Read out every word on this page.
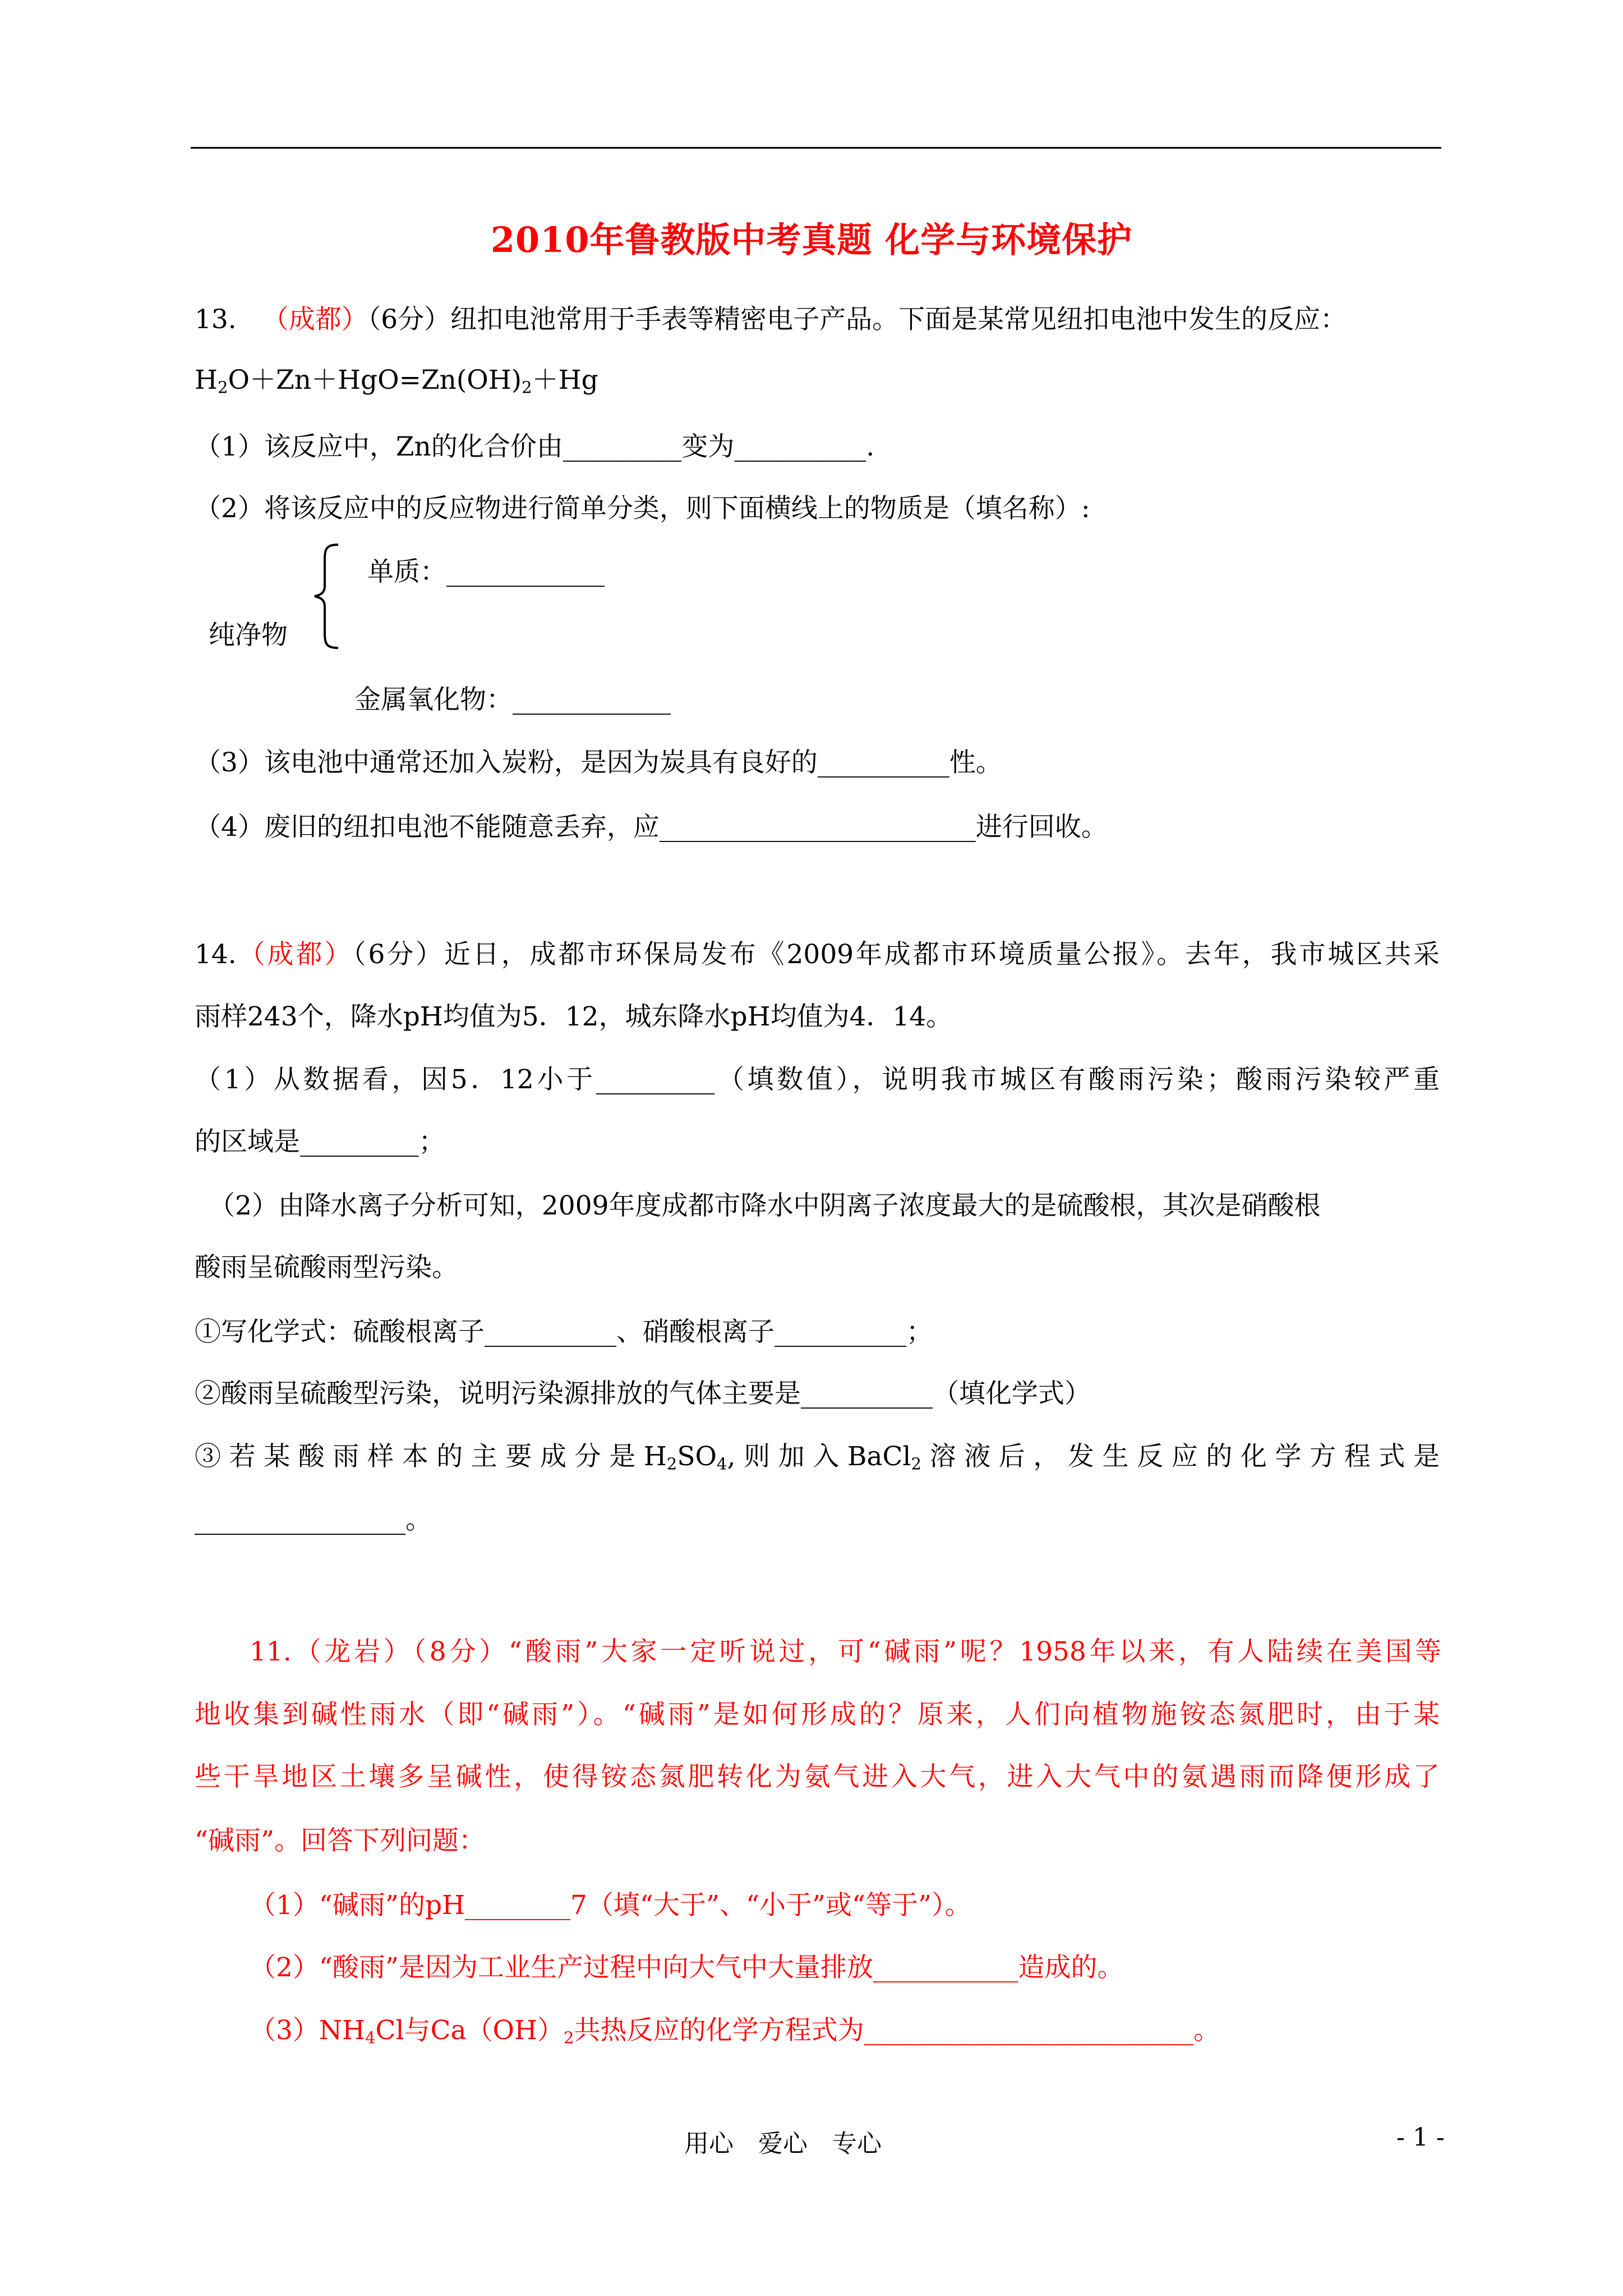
2010年鲁教版中考真题 化学与环境保护
13. （成都）（6分）纽扣电池常用于手表等精密电子产品。下面是某常见纽扣电池中发生的反应：
$H_2O+Zn+HgO=Zn(OH)_2+Hg$
（1）该反应中，Zn的化合价由_________变为__________.
（2）将该反应中的反应物进行简单分类，则下面横线上的物质是（填名称）:
单质：____________
纯净物
金属氧化物：____________
（3）该电池中通常还加入炭粉，是因为炭具有良好的__________性。
（4）废旧的纽扣电池不能随意丢弃，应________________________进行回收。
14.（成都）（6分）近日，成都市环保局发布《2009年成都市环境质量公报》。去年，我市城区共采
雨样243个，降水pH均值为5．12，城东降水pH均值为4．14。
（1）从数据看，因5．12小于_________（填数值），说明我市城区有酸雨污染；酸雨污染较严重
的区域是_________；
（2）由降水离子分析可知，2009年度成都市降水中阴离子浓度最大的是硫酸根，其次是硝酸根
酸雨呈硫酸雨型污染。
①写化学式：硫酸根离子__________、硝酸根离子__________；
②酸雨呈硫酸型污染，说明污染源排放的气体主要是__________（填化学式）
③若某酸雨样本的主要成分是$H_2SO_4$,则加入BaCl$_2$溶液后，发生反应的化学方程式是
________________。
11.（龙岩）（8分）“酸雨”大家一定听说过，可“碱雨”呢？1958年以来，有人陆续在美国等
地收集到碱性雨水（即“碱雨”）。“碱雨”是如何形成的？原来，人们向植物施铵态氮肥时，由于某
些干旱地区土壤多呈碱性，使得铵态氮肥转化为氨气进入大气，进入大气中的氨遇雨而降便形成了
“碱雨”。回答下列问题：
（1）“碱雨”的pH________7（填“大于”、“小于”或“等于”）。
（2）“酸雨”是因为工业生产过程中向大气中大量排放___________造成的。
$(3)NH_4Cl$与$Ca(OH)_2$共热反应的化学方程式为_________________________。
用心　爱心　专心	- 1 -
